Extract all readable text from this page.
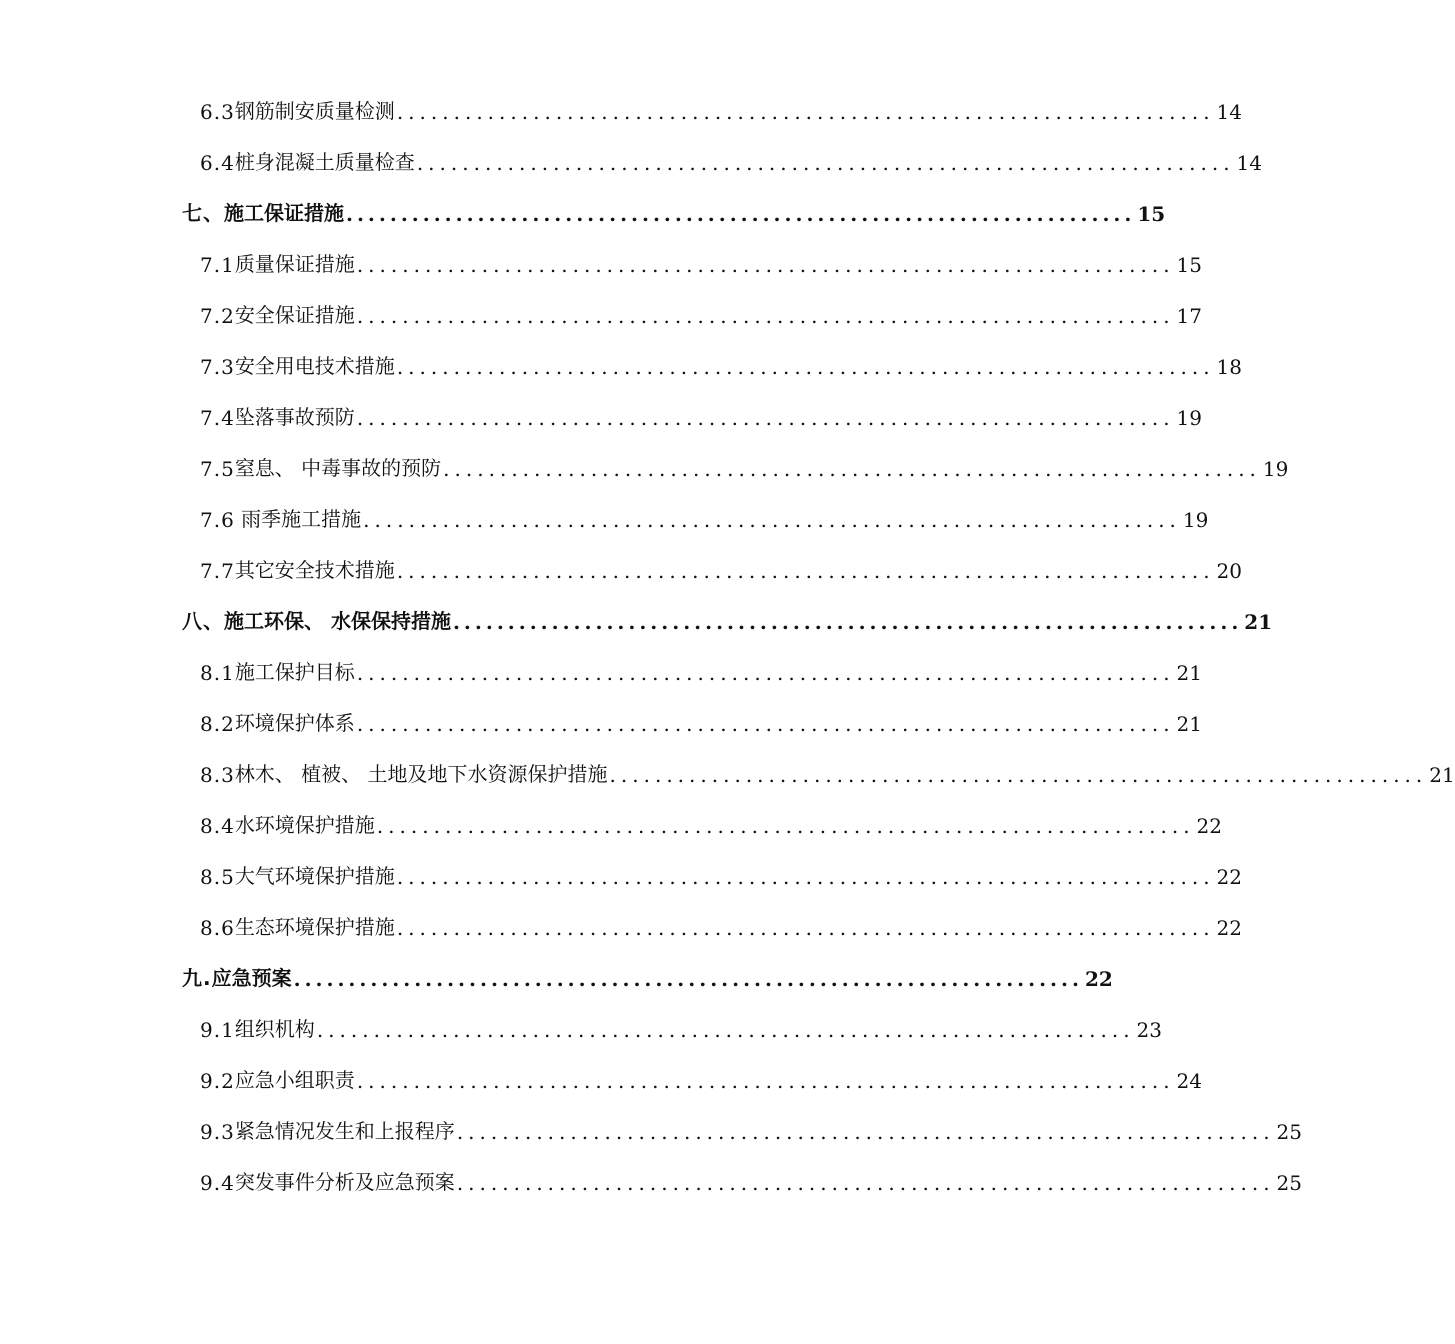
6.3 钢筋制安质量检测 ........................................................................ 14
6.4 桩身混凝土质量检查 ........................................................................ 14
七、 施工保证措施 ........................................................................ 15
7.1 质量保证措施 ........................................................................ 15
7.2 安全保证措施 ........................................................................ 17
7.3 安全用电技术措施 ........................................................................ 18
7.4 坠落事故预防 ........................................................................ 19
7.5 窒息、 中毒事故的预防 ........................................................................ 19
7.6 雨季施工措施 ........................................................................ 19
7.7 其它安全技术措施 ........................................................................ 20
八、 施工环保、 水保保持措施 ........................................................................ 21
8.1 施工保护目标 ........................................................................ 21
8.2 环境保护体系 ........................................................................ 21
8.3 林木、 植被、 土地及地下水资源保护措施 ........................................................................ 21
8.4 水环境保护措施 ........................................................................ 22
8.5 大气环境保护措施 ........................................................................ 22
8.6 生态环境保护措施 ........................................................................ 22
九. 应急预案 ........................................................................ 22
9.1 组织机构 ........................................................................ 23
9.2 应急小组职责 ........................................................................ 24
9.3 紧急情况发生和上报程序 ........................................................................ 25
9.4 突发事件分析及应急预案 ........................................................................ 25
